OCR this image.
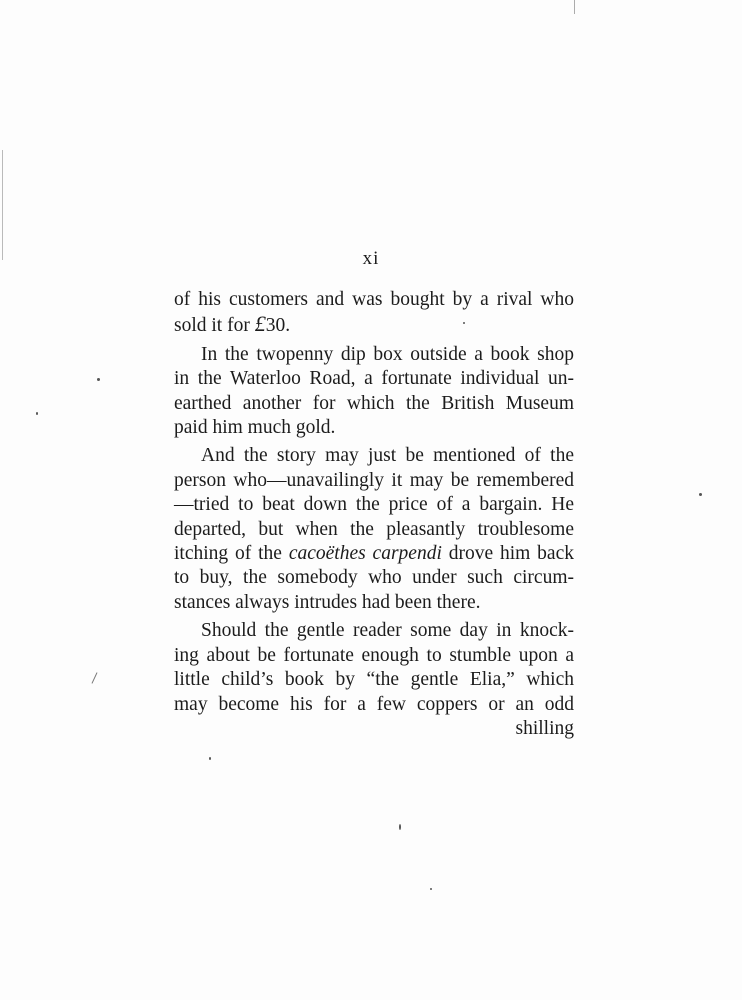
xi
of his customers and was bought by a rival who
sold it for £30.
In the twopenny dip box outside a book shop
in the Waterloo Road, a fortunate individual un-
earthed another for which the British Museum
paid him much gold.
And the story may just be mentioned of the
person who—unavailingly it may be remembered
—tried to beat down the price of a bargain. He
departed, but when the pleasantly troublesome
itching of the cacoëthes carpendi drove him back
to buy, the somebody who under such circum-
stances always intrudes had been there.
Should the gentle reader some day in knock-
ing about be fortunate enough to stumble upon a
little child’s book by “the gentle Elia,” which
may become his for a few coppers or an odd
shilling
